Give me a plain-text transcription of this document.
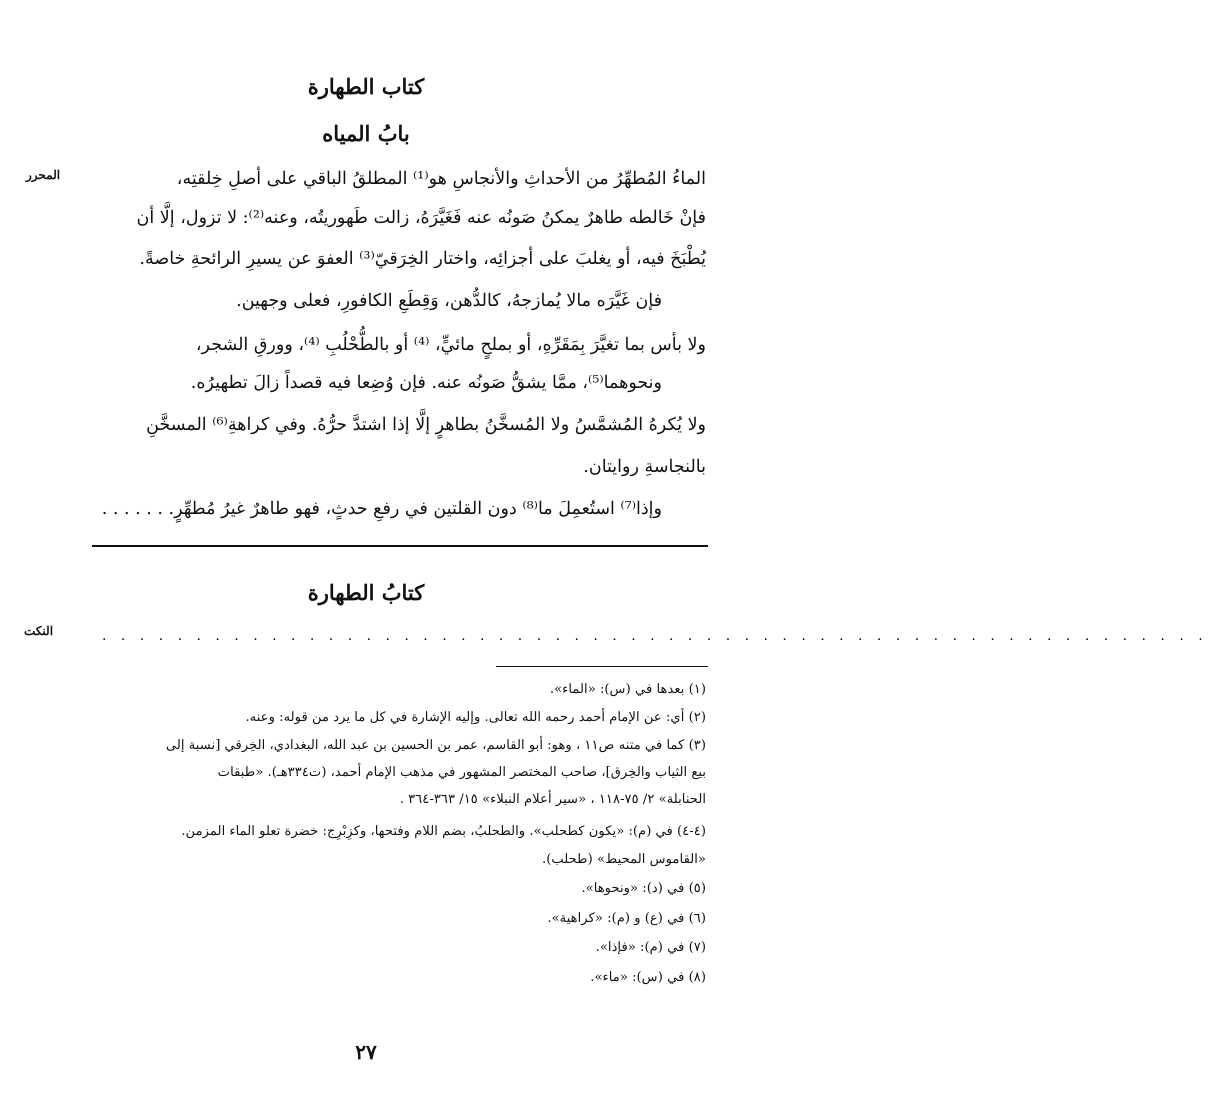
كتاب الطهارة
بابُ المياه
المحرر
النكت
الماءُ المُطهِّرُ من الأحداثِ والأنجاسِ هو⁽¹⁾ المطلقُ الباقي على أصلِ خِلقتِه،
فإنْ خَالطه طاهرٌ يمكنُ صَونُه عنه فَغَيَّرَهُ، زالت طَهوريتُه، وعنه⁽²⁾: لا تزول، إلَّا أن
يُطْبَخَ فيه، أو يغلبَ على أجزائِه، واختار الخِرَقيّ⁽³⁾ العفوَ عن يسيرِ الرائحةِ خاصةً.
فإن غَيَّرَه مالا يُمازجهُ، كالدُّهن، وَقِطَعِ الكافورِ، فعلى وجهين.
ولا بأس بما تغيَّرَ بِمَقَرِّهِ، أو بملحٍ مائيٍّ، ⁽⁴⁾ أو بالطُّحْلُبِ ⁽⁴⁾، وورقِ الشجر،
ونحوهما⁽⁵⁾، ممَّا يشقُّ صَونُه عنه. فإن وُضِعا فيه قصداً زالَ تطهيرُه.
ولا يُكرهُ المُشمَّسُ ولا المُسخَّنُ بطاهرٍ إلَّا إذا اشتدَّ حرُّهُ. وفي كراهةِ⁽⁶⁾ المسخَّنِ
بالنجاسةِ روايتان.
وإذا⁽⁷⁾ استُعمِلَ ما⁽⁸⁾ دون القلتين في رفعِ حدثٍ، فهو طاهرٌ غيرُ مُطهِّرٍ. . . . . . .
كتابُ الطهارة
. . . . . . . . . . . . . . . . . . . . . . . . . . . . . . . . . . . . . . . . . . . . . . . . . . . . . . . . . . .
(١) بعدها في (س): «الماء».
(٢) أي: عن الإمام أحمد رحمه الله تعالى. وإليه الإشارة في كل ما يرد من قوله: وعنه.
(٣) كما في متنه ص١١ ، وهو: أبو القاسم، عمر بن الحسين بن عبد الله، البغدادي، الخِرقي [نسبة إلى
بيع الثياب والخِرق]، صاحب المختصر المشهور في مذهب الإمام أحمد، (ت٣٣٤هـ). «طبقات
الحنابلة» ٢/ ٧٥-١١٨ ، «سير أعلام النبلاء» ١٥/ ٣٦٣-٣٦٤ .
(٤-٤) في (م): «يكون كطحلب». والطحلبُ، بضم اللام وفتحها، وكزِبْرِج: خضرة تعلو الماء المزمن.
«القاموس المحيط» (طحلب).
(٥) في (د): «ونحوها».
(٦) في (ع) و (م): «كراهية».
(٧) في (م): «فإذا».
(٨) في (س): «ماء».
٢٧
